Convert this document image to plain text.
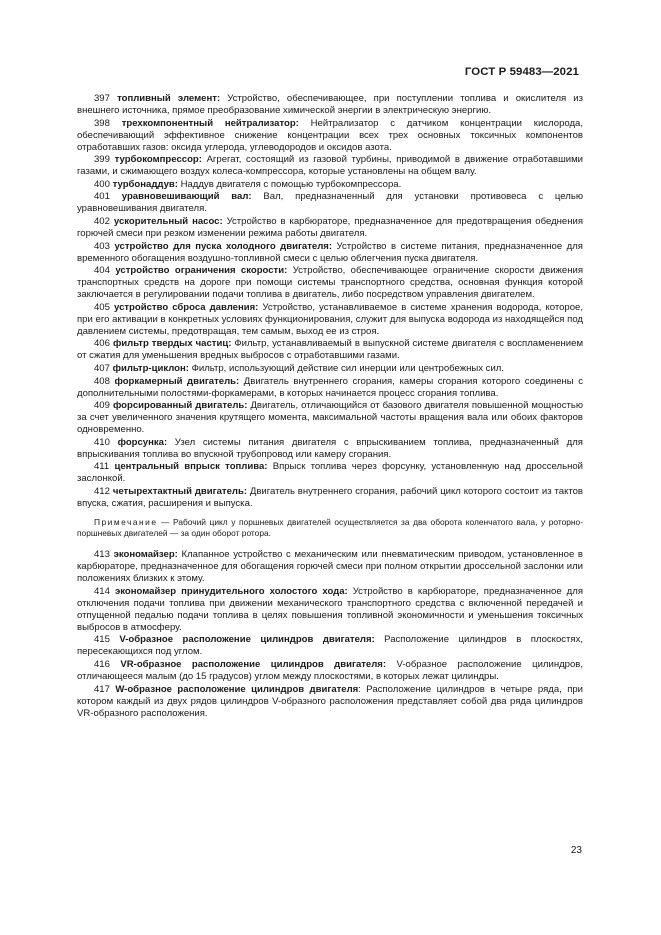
ГОСТ Р 59483—2021

397 топливный элемент: Устройство, обеспечивающее, при поступлении топлива и окислителя из внешнего источника, прямое преобразование химической энергии в электрическую энергию.

398 трехкомпонентный нейтрализатор: Нейтрализатор с датчиком концентрации кислорода, обеспечивающий эффективное снижение концентрации всех трех основных токсичных компонентов отработавших газов: оксида углерода, углеводородов и оксидов азота.

399 турбокомпрессор: Агрегат, состоящий из газовой турбины, приводимой в движение отработавшими газами, и сжимающего воздух колеса-компрессора, которые установлены на общем валу.

400 турбонаддув: Наддув двигателя с помощью турбокомпрессора.

401 уравновешивающий вал: Вал, предназначенный для установки противовеса с целью уравновешивания двигателя.

402 ускорительный насос: Устройство в карбюраторе, предназначенное для предотвращения обеднения горючей смеси при резком изменении режима работы двигателя.

403 устройство для пуска холодного двигателя: Устройство в системе питания, предназначенное для временного обогащения воздушно-топливной смеси с целью облегчения пуска двигателя.

404 устройство ограничения скорости: Устройство, обеспечивающее ограничение скорости движения транспортных средств на дороге при помощи системы транспортного средства, основная функция которой заключается в регулировании подачи топлива в двигатель, либо посредством управления двигателем.

405 устройство сброса давления: Устройство, устанавливаемое в системе хранения водорода, которое, при его активации в конкретных условиях функционирования, служит для выпуска водорода из находящейся под давлением системы, предотвращая, тем самым, выход ее из строя.

406 фильтр твердых частиц: Фильтр, устанавливаемый в выпускной системе двигателя с воспламенением от сжатия для уменьшения вредных выбросов с отработавшими газами.

407 фильтр-циклон: Фильтр, использующий действие сил инерции или центробежных сил.

408 форкамерный двигатель: Двигатель внутреннего сгорания, камеры сгорания которого соединены с дополнительными полостями-форкамерами, в которых начинается процесс сгорания топлива.

409 форсированный двигатель: Двигатель, отличающийся от базового двигателя повышенной мощностью за счет увеличенного значения крутящего момента, максимальной частоты вращения вала или обоих факторов одновременно.

410 форсунка: Узел системы питания двигателя с впрыскиванием топлива, предназначенный для впрыскивания топлива во впускной трубопровод или камеру сгорания.

411 центральный впрыск топлива: Впрыск топлива через форсунку, установленную над дроссельной заслонкой.

412 четырехтактный двигатель: Двигатель внутреннего сгорания, рабочий цикл которого состоит из тактов впуска, сжатия, расширения и выпуска.

Примечание — Рабочий цикл у поршневых двигателей осуществляется за два оборота коленчатого вала, у роторно-поршневых двигателей — за один оборот ротора.

413 экономайзер: Клапанное устройство с механическим или пневматическим приводом, установленное в карбюраторе, предназначенное для обогащения горючей смеси при полном открытии дроссельной заслонки или положениях близких к этому.

414 экономайзер принудительного холостого хода: Устройство в карбюраторе, предназначенное для отключения подачи топлива при движении механического транспортного средства с включенной передачей и отпущенной педалью подачи топлива в целях повышения топливной экономичности и уменьшения токсичных выбросов в атмосферу.

415 V-образное расположение цилиндров двигателя: Расположение цилиндров в плоскостях, пересекающихся под углом.

416 VR-образное расположение цилиндров двигателя: V-образное расположение цилиндров, отличающееся малым (до 15 градусов) углом между плоскостями, в которых лежат цилиндры.

417 W-образное расположение цилиндров двигателя: Расположение цилиндров в четыре ряда, при котором каждый из двух рядов цилиндров V-образного расположения представляет собой два ряда цилиндров VR-образного расположения.

23
